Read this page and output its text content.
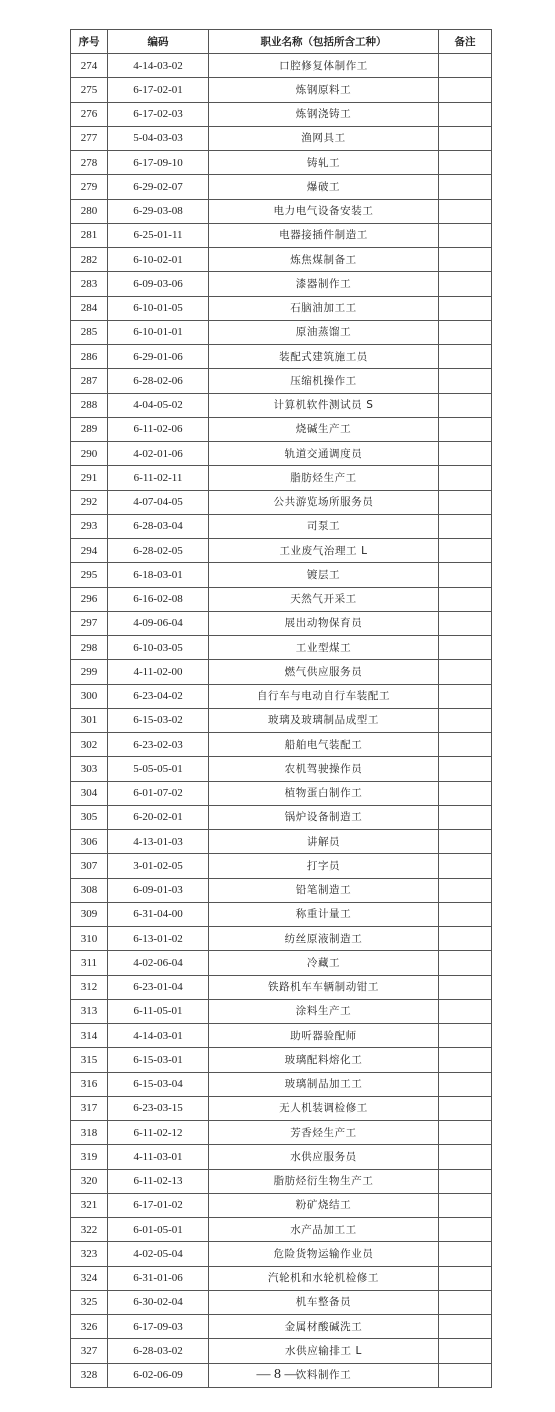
序号	编码	职业名称（包括所含工种）	备注
274	4-14-03-02	口腔修复体制作工	
275	6-17-02-01	炼钢原料工	
276	6-17-02-03	炼钢浇铸工	
277	5-04-03-03	渔网具工	
278	6-17-09-10	铸轧工	
279	6-29-02-07	爆破工	
280	6-29-03-08	电力电气设备安装工	
281	6-25-01-11	电器接插件制造工	
282	6-10-02-01	炼焦煤制备工	
283	6-09-03-06	漆器制作工	
284	6-10-01-05	石脑油加工工	
285	6-10-01-01	原油蒸馏工	
286	6-29-01-06	装配式建筑施工员	
287	6-28-02-06	压缩机操作工	
288	4-04-05-02	计算机软件测试员 S	
289	6-11-02-06	烧碱生产工	
290	4-02-01-06	轨道交通调度员	
291	6-11-02-11	脂肪烃生产工	
292	4-07-04-05	公共游览场所服务员	
293	6-28-03-04	司泵工	
294	6-28-02-05	工业废气治理工 L	
295	6-18-03-01	镀层工	
296	6-16-02-08	天然气开采工	
297	4-09-06-04	展出动物保育员	
298	6-10-03-05	工业型煤工	
299	4-11-02-00	燃气供应服务员	
300	6-23-04-02	自行车与电动自行车装配工	
301	6-15-03-02	玻璃及玻璃制品成型工	
302	6-23-02-03	船舶电气装配工	
303	5-05-05-01	农机驾驶操作员	
304	6-01-07-02	植物蛋白制作工	
305	6-20-02-01	锅炉设备制造工	
306	4-13-01-03	讲解员	
307	3-01-02-05	打字员	
308	6-09-01-03	铅笔制造工	
309	6-31-04-00	称重计量工	
310	6-13-01-02	纺丝原液制造工	
311	4-02-06-04	冷藏工	
312	6-23-01-04	铁路机车车辆制动钳工	
313	6-11-05-01	涂料生产工	
314	4-14-03-01	助听器验配师	
315	6-15-03-01	玻璃配料熔化工	
316	6-15-03-04	玻璃制品加工工	
317	6-23-03-15	无人机装调检修工	
318	6-11-02-12	芳香烃生产工	
319	4-11-03-01	水供应服务员	
320	6-11-02-13	脂肪烃衍生物生产工	
321	6-17-01-02	粉矿烧结工	
322	6-01-05-01	水产品加工工	
323	4-02-05-04	危险货物运输作业员	
324	6-31-01-06	汽轮机和水轮机检修工	
325	6-30-02-04	机车整备员	
326	6-17-09-03	金属材酸碱洗工	
327	6-28-03-02	水供应输排工 L	
328	6-02-06-09	饮料制作工	
— 8 —
